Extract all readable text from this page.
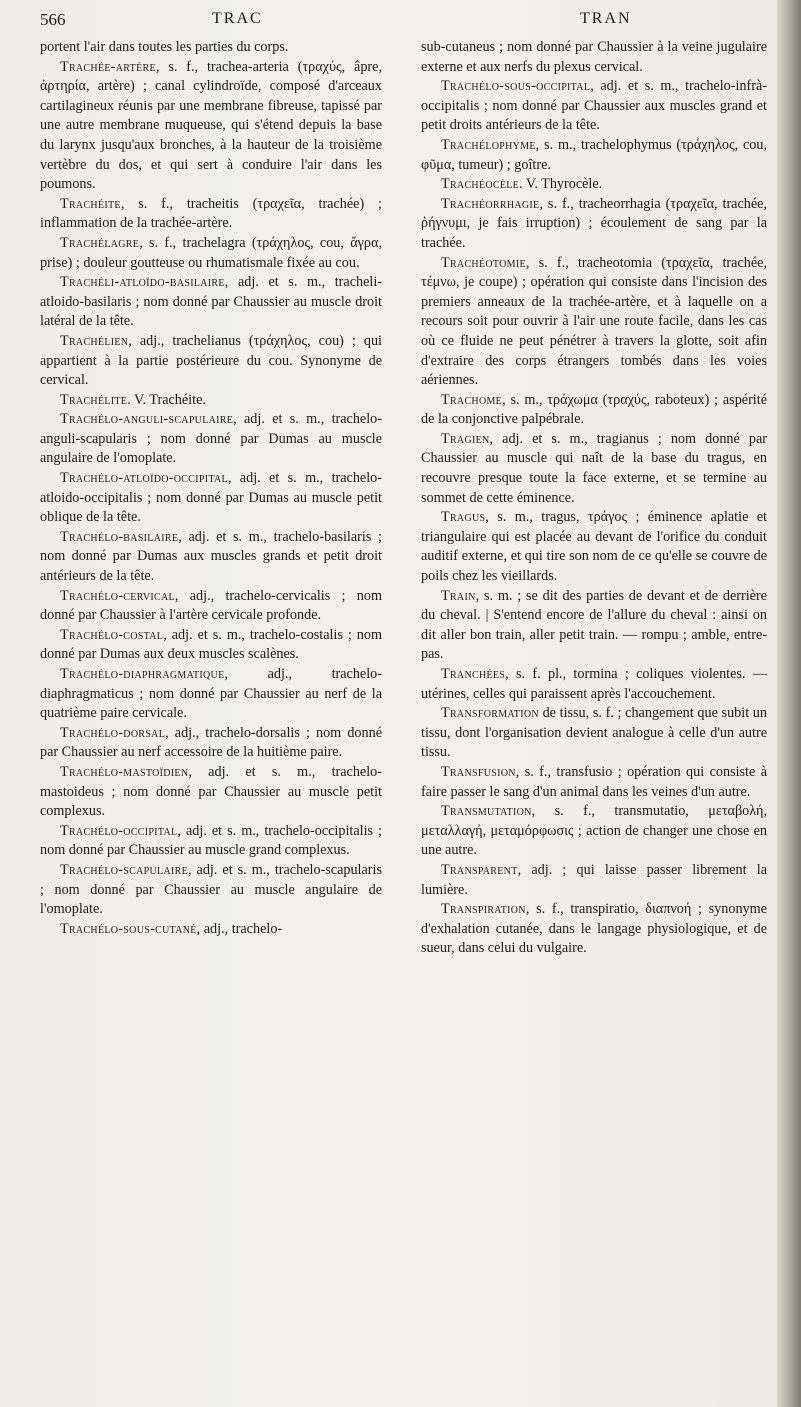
566	TRAC	TRAN

portent l'air dans toutes les parties du corps.

Trachée-artère, s. f., trachea-arteria (τραχύς, âpre, ἀρτηρία, artère) ; canal cylindroïde, composé d'arceaux cartilagineux réunis par une membrane fibreuse, tapissé par une autre membrane muqueuse, qui s'étend depuis la base du larynx jusqu'aux bronches, à la hauteur de la troisième vertèbre du dos, et qui sert à conduire l'air dans les poumons.

Trachéite, s. f., tracheitis (τραχεῖα, trachée) ; inflammation de la trachée-artère.

Trachélagre, s. f., trachelagra (τράχηλος, cou, ἄγρα, prise) ; douleur goutteuse ou rhumatismale fixée au cou.

Trachéli-atloïdo-basilaire, adj. et s. m., tracheli-atloido-basilaris ; nom donné par Chaussier au muscle droit latéral de la tête.

Trachélien, adj., trachelianus (τράχηλος, cou) ; qui appartient à la partie postérieure du cou. Synonyme de cervical.

Trachélite. V. Trachéite.

Trachélo-anguli-scapulaire, adj. et s. m., trachelo-anguli-scapularis ; nom donné par Dumas au muscle angulaire de l'omoplate.

Trachélo-atloïdo-occipital, adj. et s. m., trachelo-atloido-occipitalis ; nom donné par Dumas au muscle petit oblique de la tête.

Trachélo-basilaire, adj. et s. m., trachelo-basilaris ; nom donné par Dumas aux muscles grands et petit droit antérieurs de la tête.

Trachélo-cervical, adj., trachelo-cervicalis ; nom donné par Chaussier à l'artère cervicale profonde.

Trachélo-costal, adj. et s. m., trachelo-costalis ; nom donné par Dumas aux deux muscles scalènes.

Trachélo-diaphragmatique, adj., trachelo-diaphragmaticus ; nom donné par Chaussier au nerf de la quatrième paire cervicale.

Trachélo-dorsal, adj., trachelo-dorsalis ; nom donné par Chaussier au nerf accessoire de la huitième paire.

Trachélo-mastoïdien, adj. et s. m., trachelo-mastoideus ; nom donné par Chaussier au muscle petit complexus.

Trachélo-occipital, adj. et s. m., trachelo-occipitalis ; nom donné par Chaussier au muscle grand complexus.

Trachélo-scapulaire, adj. et s. m., trachelo-scapularis ; nom donné par Chaussier au muscle angulaire de l'omoplate.

Trachélo-sous-cutané, adj., trachelo-

sub-cutaneus ; nom donné par Chaussier à la veine jugulaire externe et aux nerfs du plexus cervical.

Trachélo-sous-occipital, adj. et s. m., trachelo-infrà-occipitalis ; nom donné par Chaussier aux muscles grand et petit droits antérieurs de la tête.

Trachélophyme, s. m., trachelophymus (τράχηλος, cou, φῦμα, tumeur) ; goître.

Trachéocèle. V. Thyrocèle.

Trachéorrhagie, s. f., tracheorrhagia (τραχεῖα, trachée, ῥήγνυμι, je fais irruption) ; écoulement de sang par la trachée.

Trachéotomie, s. f., tracheotomia (τραχεῖα, trachée, τέμνω, je coupe) ; opération qui consiste dans l'incision des premiers anneaux de la trachée-artère, et à laquelle on a recours soit pour ouvrir à l'air une route facile, dans les cas où ce fluide ne peut pénétrer à travers la glotte, soit afin d'extraire des corps étrangers tombés dans les voies aériennes.

Trachome, s. m., τράχωμα (τραχύς, raboteux) ; aspérité de la conjonctive palpébrale.

Tragien, adj. et s. m., tragianus ; nom donné par Chaussier au muscle qui naît de la base du tragus, en recouvre presque toute la face externe, et se termine au sommet de cette éminence.

Tragus, s. m., tragus, τράγος ; éminence aplatie et triangulaire qui est placée au devant de l'orifice du conduit auditif externe, et qui tire son nom de ce qu'elle se couvre de poils chez les vieillards.

Train, s. m. ; se dit des parties de devant et de derrière du cheval. | S'entend encore de l'allure du cheval : ainsi on dit aller bon train, aller petit train. — rompu ; amble, entre-pas.

Tranchées, s. f. pl., tormina ; coliques violentes. — utérines, celles qui paraissent après l'accouchement.

Transformation de tissu, s. f. ; changement que subit un tissu, dont l'organisation devient analogue à celle d'un autre tissu.

Transfusion, s. f., transfusio ; opération qui consiste à faire passer le sang d'un animal dans les veines d'un autre.

Transmutation, s. f., transmutatio, μεταβολή, μεταλλαγή, μεταμόρφωσις ; action de changer une chose en une autre.

Transparent, adj. ; qui laisse passer librement la lumière.

Transpiration, s. f., transpiratio, διαπνοή ; synonyme d'exhalation cutanée, dans le langage physiologique, et de sueur, dans celui du vulgaire.
